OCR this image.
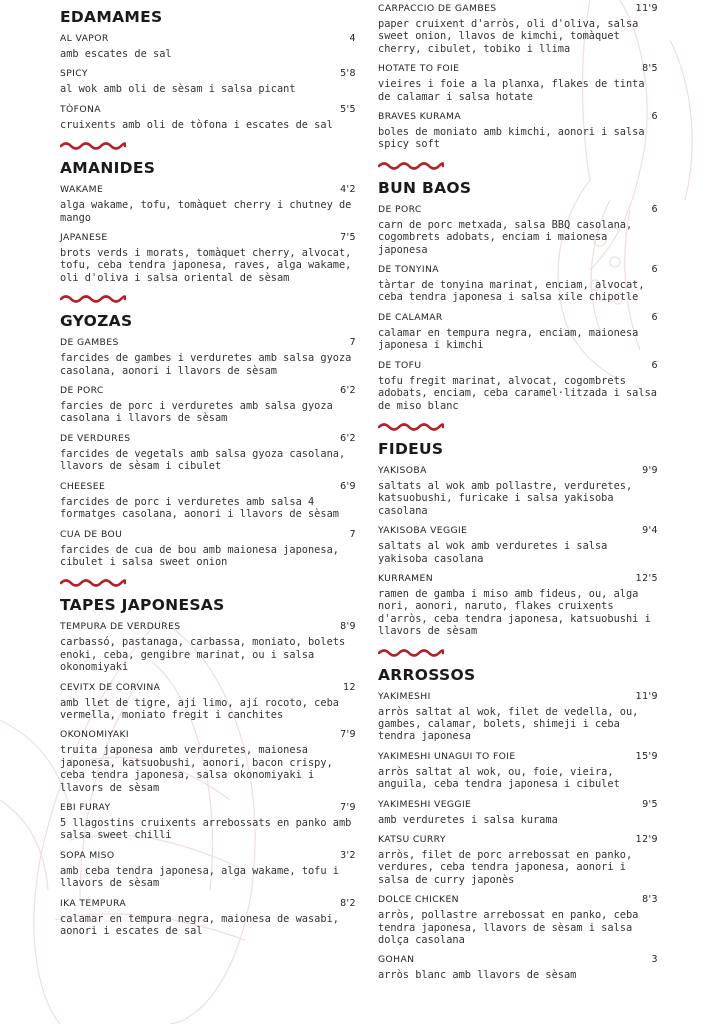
EDAMAMES
AL VAPOR	4
amb escates de sal
SPICY	5'8
al wok amb oli de sèsam i salsa picant
TÒFONA	5'5
cruixents amb oli de tòfona i escates de sal
AMANIDES
WAKAME	4'2
alga wakame, tofu, tomàquet cherry i chutney de mango
JAPANESE	7'5
brots verds i morats, tomàquet cherry, alvocat, tofu, ceba tendra japonesa, raves, alga wakame, oli d'oliva i salsa oriental de sèsam
GYOZAS
DE GAMBES	7
farcides de gambes i verduretes amb salsa gyoza casolana, aonori i llavors de sèsam
DE PORC	6'2
farcies de porc i verduretes amb salsa gyoza casolana i llavors de sèsam
DE VERDURES	6'2
farcides de vegetals amb salsa gyoza casolana, llavors de sèsam i cibulet
CHEESEE	6'9
farcides de porc i verduretes amb salsa 4 formatges casolana, aonori i llavors de sèsam
CUA DE BOU	7
farcides de cua de bou amb maionesa japonesa, cibulet i salsa sweet onion
TAPES JAPONESAS
TEMPURA DE VERDURES	8'9
carbassó, pastanaga, carbassa, moniato, bolets enoki, ceba, gengibre marinat, ou i salsa okonomiyaki
CEVITX DE CORVINA	12
amb llet de tigre, ají limo, ají rocoto, ceba vermella, moniato fregit i canchites
OKONOMIYAKI	7'9
truita japonesa amb verduretes, maionesa japonesa, katsuobushi, aonori, bacon crispy, ceba tendra japonesa, salsa okonomiyaki i llavors de sèsam
EBI FURAY	7'9
5 llagostins cruixents arrebossats en panko amb salsa sweet chilli
SOPA MISO	3'2
amb ceba tendra japonesa, alga wakame, tofu i llavors de sèsam
IKA TEMPURA	8'2
calamar en tempura negra, maionesa de wasabi, aonori i escates de sal
CARPACCIO DE GAMBES	11'9
paper cruixent d'arròs, oli d'oliva, salsa sweet onion, llavos de kimchi, tomàquet cherry, cibulet, tobiko i llima
HOTATE TO FOIE	8'5
vieires i foie a la planxa, flakes de tinta de calamar i salsa hotate
BRAVES KURAMA	6
boles de moniato amb kimchi, aonori i salsa spicy soft
BUN BAOS
DE PORC	6
carn de porc metxada, salsa BBQ casolana, cogombrets adobats, enciam i maionesa japonesa
DE TONYINA	6
tàrtar de tonyina marinat, enciam, alvocat, ceba tendra japonesa i salsa xile chipotle
DE CALAMAR	6
calamar en tempura negra, enciam, maionesa japonesa i kimchi
DE TOFU	6
tofu fregit marinat, alvocat, cogombrets adobats, enciam, ceba caramel·litzada i salsa de miso blanc
FIDEUS
YAKISOBA	9'9
saltats al wok amb pollastre, verduretes, katsuobushi, furicake i salsa yakisoba casolana
YAKISOBA VEGGIE	9'4
saltats al wok amb verduretes i salsa yakisoba casolana
KURRAMEN	12'5
ramen de gamba i miso amb fideus, ou, alga nori, aonori, naruto, flakes cruixents d'arròs, ceba tendra japonesa, katsuobushi i llavors de sèsam
ARROSSOS
YAKIMESHI	11'9
arròs saltat al wok, filet de vedella, ou, gambes, calamar, bolets, shimeji i ceba tendra japonesa
YAKIMESHI UNAGUI TO FOIE	15'9
arròs saltat al wok, ou, foie, vieira, anguila, ceba tendra japonesa i cibulet
YAKIMESHI VEGGIE	9'5
amb verduretes i salsa kurama
KATSU CURRY	12'9
arròs, filet de porc arrebossat en panko, verdures, ceba tendra japonesa, aonori i salsa de curry japonès
DOLCE CHICKEN	8'3
arròs, pollastre arrebossat en panko, ceba tendra japonesa, llavors de sèsam i salsa dolça casolana
GOHAN	3
arròs blanc amb llavors de sèsam
